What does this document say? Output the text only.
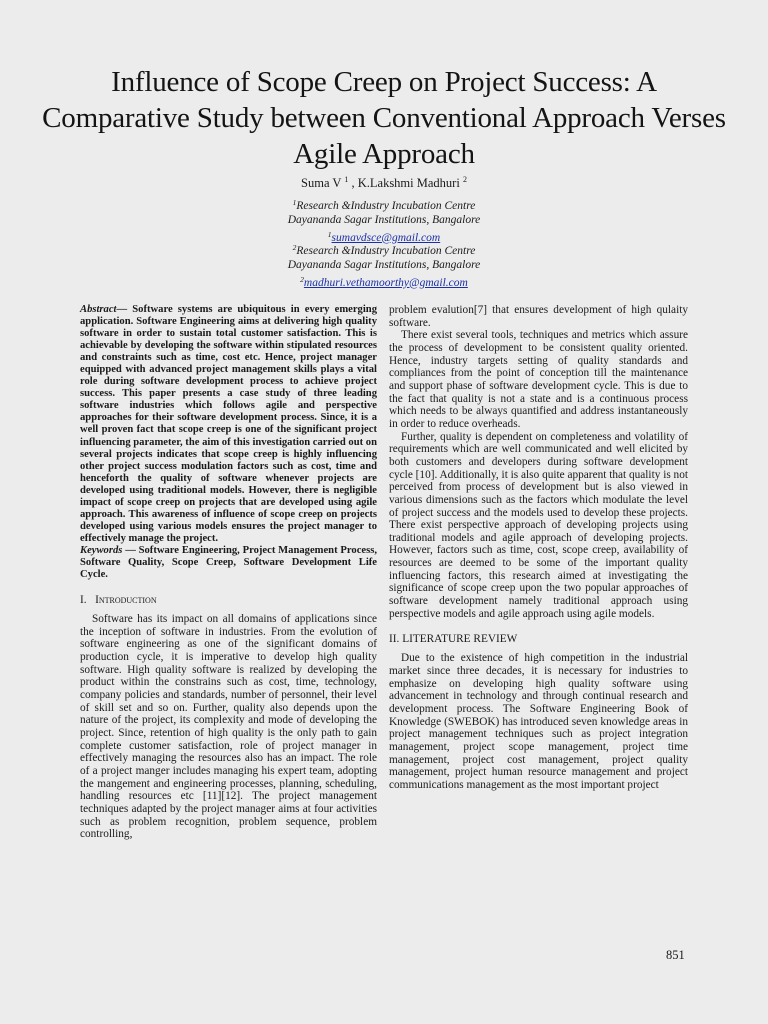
Influence of Scope Creep on Project Success: A Comparative Study between Conventional Approach Verses Agile Approach
Suma V $^1$ , K.Lakshmi Madhuri $^2$
$^1$Research &Industry Incubation Centre
Dayananda Sagar Institutions, Bangalore
$^1$sumavdsce@gmail.com
$^2$Research &Industry Incubation Centre
Dayananda Sagar Institutions, Bangalore
$^2$madhuri.vethamoorthy@gmail.com

Abstract— Software systems are ubiquitous in every emerging application. Software Engineering aims at delivering high quality software in order to sustain total customer satisfaction. This is achievable by developing the software within stipulated resources and constraints such as time, cost etc. Hence, project manager equipped with advanced project management skills plays a vital role during software development process to achieve project success. This paper presents a case study of three leading software industries which follows agile and perspective approaches for their software development process. Since, it is a well proven fact that scope creep is one of the significant project influencing parameter, the aim of this investigation carried out on several projects indicates that scope creep is highly influencing other project success modulation factors such as cost, time and henceforth the quality of software whenever projects are developed using traditional models. However, there is negligible impact of scope creep on projects that are developed using agile approach. This awareness of influence of scope creep on projects developed using various models ensures the project manager to effectively manage the project.

Keywords — Software Engineering, Project Management Process, Software Quality, Scope Creep, Software Development Life Cycle.

I. Introduction

Software has its impact on all domains of applications since the inception of software in industries. From the evolution of software engineering as one of the significant domains of production cycle, it is imperative to develop high quality software. High quality software is realized by developing the product within the constrains such as cost, time, technology, company policies and standards, number of personnel, their level of skill set and so on. Further, quality also depends upon the nature of the project, its complexity and mode of developing the project. Since, retention of high quality is the only path to gain complete customer satisfaction, role of project manager in effectively managing the resources also has an impact. The role of a project manger includes managing his expert team, adopting the mangement and engineering processes, planning, scheduling, handling resources etc [11][12]. The project management techniques adapted by the project manager aims at four activities such as problem recognition, problem sequence, problem controlling,

problem evalution[7] that ensures development of high qulaity software.

There exist several tools, techniques and metrics which assure the process of development to be consistent quality oriented. Hence, industry targets setting of quality standards and compliances from the point of conception till the maintenance and support phase of software development cycle. This is due to the fact that quality is not a state and is a continuous process which needs to be always quantified and address instantaneously in order to reduce overheads.

Further, quality is dependent on completeness and volatility of requirements which are well communicated and well elicited by both customers and developers during software development cycle [10]. Additionally, it is also quite apparent that quality is not perceived from process of development but is also viewed in various dimensions such as the factors which modulate the level of project success and the models used to develop these projects. There exist perspective approach of developing projects using traditional models and agile approach of developing projects. However, factors such as time, cost, scope creep, availability of resources are deemed to be some of the important quality influencing factors, this research aimed at investigating the significance of scope creep upon the two popular approaches of software development namely traditional approach using perspective models and agile approach using agile models.

II. LITERATURE REVIEW

Due to the existence of high competition in the industrial market since three decades, it is necessary for industries to emphasize on developing high quality software using advancement in technology and through continual research and development process. The Software Engineering Book of Knowledge (SWEBOK) has introduced seven knowledge areas in project management techniques such as project integration management, project scope management, project time management, project cost management, project quality management, project human resource management and project communications management as the most important project

851
